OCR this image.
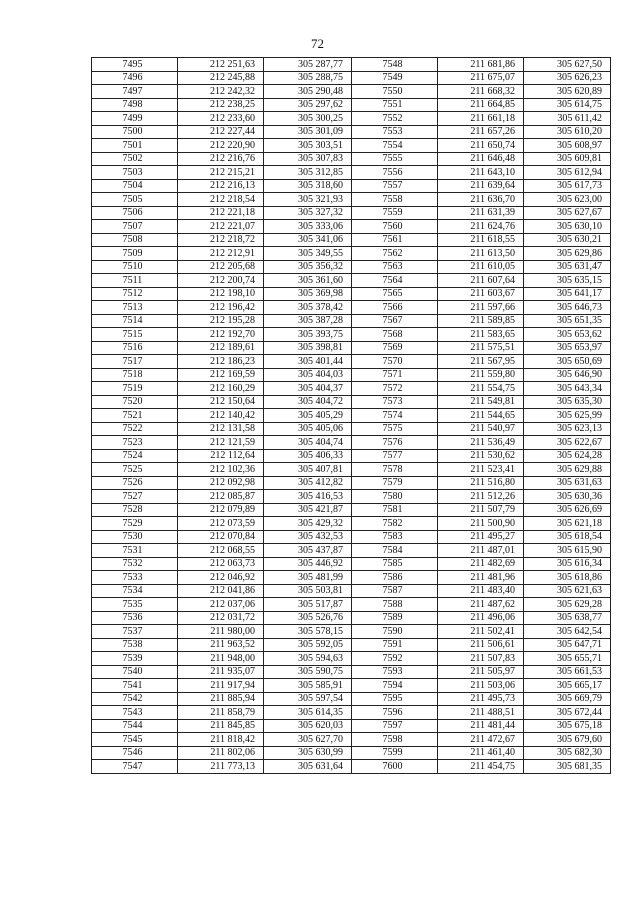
72
7495	212 251,63	305 287,77	7548	211 681,86	305 627,50
7496	212 245,88	305 288,75	7549	211 675,07	305 626,23
7497	212 242,32	305 290,48	7550	211 668,32	305 620,89
7498	212 238,25	305 297,62	7551	211 664,85	305 614,75
7499	212 233,60	305 300,25	7552	211 661,18	305 611,42
7500	212 227,44	305 301,09	7553	211 657,26	305 610,20
7501	212 220,90	305 303,51	7554	211 650,74	305 608,97
7502	212 216,76	305 307,83	7555	211 646,48	305 609,81
7503	212 215,21	305 312,85	7556	211 643,10	305 612,94
7504	212 216,13	305 318,60	7557	211 639,64	305 617,73
7505	212 218,54	305 321,93	7558	211 636,70	305 623,00
7506	212 221,18	305 327,32	7559	211 631,39	305 627,67
7507	212 221,07	305 333,06	7560	211 624,76	305 630,10
7508	212 218,72	305 341,06	7561	211 618,55	305 630,21
7509	212 212,91	305 349,55	7562	211 613,50	305 629,86
7510	212 205,68	305 356,32	7563	211 610,05	305 631,47
7511	212 200,74	305 361,60	7564	211 607,64	305 635,15
7512	212 198,10	305 369,98	7565	211 603,67	305 641,17
7513	212 196,42	305 378,42	7566	211 597,66	305 646,73
7514	212 195,28	305 387,28	7567	211 589,85	305 651,35
7515	212 192,70	305 393,75	7568	211 583,65	305 653,62
7516	212 189,61	305 398,81	7569	211 575,51	305 653,97
7517	212 186,23	305 401,44	7570	211 567,95	305 650,69
7518	212 169,59	305 404,03	7571	211 559,80	305 646,90
7519	212 160,29	305 404,37	7572	211 554,75	305 643,34
7520	212 150,64	305 404,72	7573	211 549,81	305 635,30
7521	212 140,42	305 405,29	7574	211 544,65	305 625,99
7522	212 131,58	305 405,06	7575	211 540,97	305 623,13
7523	212 121,59	305 404,74	7576	211 536,49	305 622,67
7524	212 112,64	305 406,33	7577	211 530,62	305 624,28
7525	212 102,36	305 407,81	7578	211 523,41	305 629,88
7526	212 092,98	305 412,82	7579	211 516,80	305 631,63
7527	212 085,87	305 416,53	7580	211 512,26	305 630,36
7528	212 079,89	305 421,87	7581	211 507,79	305 626,69
7529	212 073,59	305 429,32	7582	211 500,90	305 621,18
7530	212 070,84	305 432,53	7583	211 495,27	305 618,54
7531	212 068,55	305 437,87	7584	211 487,01	305 615,90
7532	212 063,73	305 446,92	7585	211 482,69	305 616,34
7533	212 046,92	305 481,99	7586	211 481,96	305 618,86
7534	212 041,86	305 503,81	7587	211 483,40	305 621,63
7535	212 037,06	305 517,87	7588	211 487,62	305 629,28
7536	212 031,72	305 526,76	7589	211 496,06	305 638,77
7537	211 980,00	305 578,15	7590	211 502,41	305 642,54
7538	211 963,52	305 592,05	7591	211 506,61	305 647,71
7539	211 948,00	305 594,63	7592	211 507,83	305 655,71
7540	211 935,07	305 590,75	7593	211 505,97	305 661,53
7541	211 917,94	305 585,91	7594	211 503,06	305 665,17
7542	211 885,94	305 597,54	7595	211 495,73	305 669,79
7543	211 858,79	305 614,35	7596	211 488,51	305 672,44
7544	211 845,85	305 620,03	7597	211 481,44	305 675,18
7545	211 818,42	305 627,70	7598	211 472,67	305 679,60
7546	211 802,06	305 630,99	7599	211 461,40	305 682,30
7547	211 773,13	305 631,64	7600	211 454,75	305 681,35
